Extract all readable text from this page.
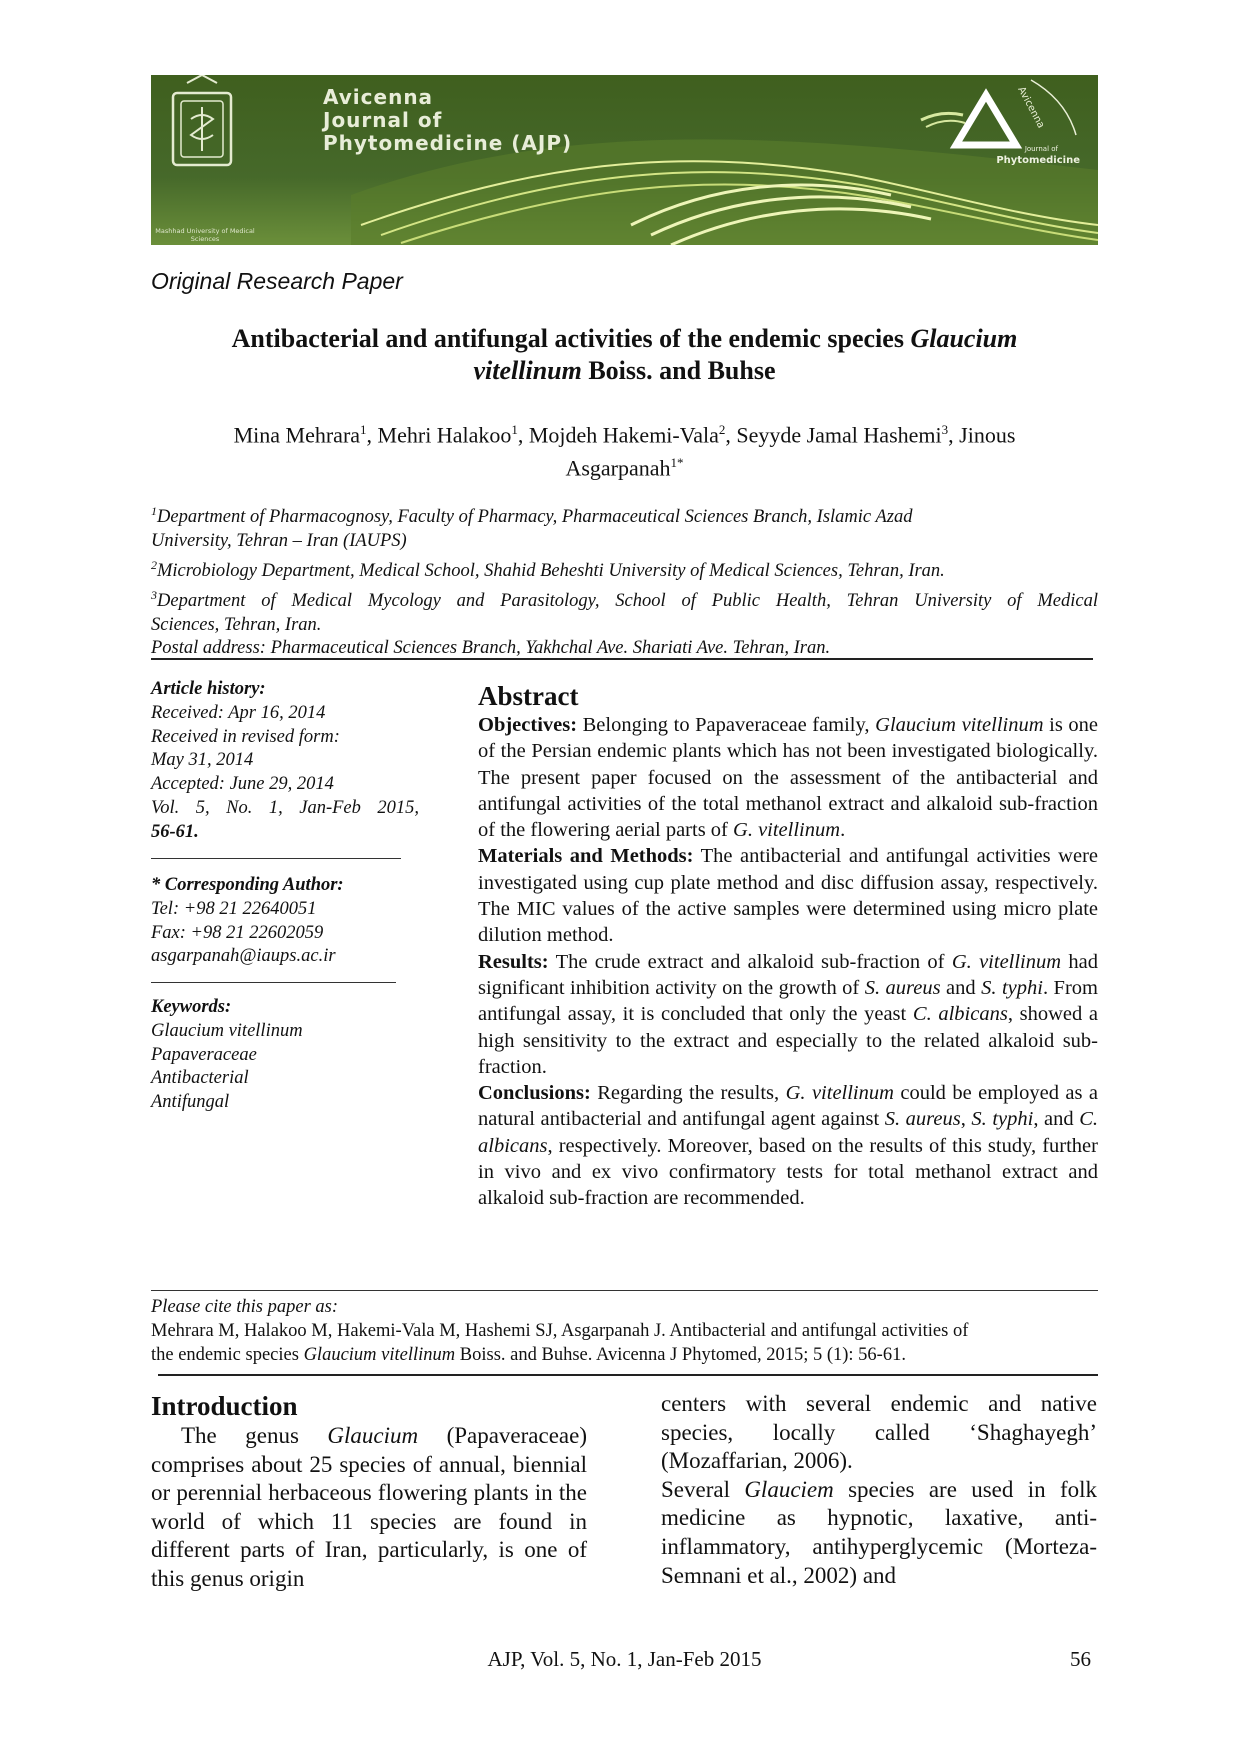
Avicenna
Journal of
Phytomedicine (AJP)
Mashhad University of Medical Sciences
Avicenna
Journal of
Phytomedicine
Original Research Paper
Antibacterial and antifungal activities of the endemic species Glaucium
vitellinum Boiss. and Buhse
Mina Mehrara$^1$, Mehri Halakoo$^1$, Mojdeh Hakemi-Vala$^2$, Seyyde Jamal Hashemi$^3$, Jinous
Asgarpanah$^{1*}$
$^1$Department of Pharmacognosy, Faculty of Pharmacy, Pharmaceutical Sciences Branch, Islamic Azad
University, Tehran – Iran (IAUPS)
$^2$Microbiology Department, Medical School, Shahid Beheshti University of Medical Sciences, Tehran, Iran.
$^3$Department of Medical Mycology and Parasitology, School of Public Health, Tehran University of Medical
Sciences, Tehran, Iran.
Postal address: Pharmaceutical Sciences Branch, Yakhchal Ave. Shariati Ave. Tehran, Iran.
Article history:
Received: Apr 16, 2014
Received in revised form:
May 31, 2014
Accepted: June 29, 2014
Vol. 5, No. 1, Jan-Feb 2015,
56-61.
* Corresponding Author:
Tel: +98 21 22640051
Fax: +98 21 22602059
asgarpanah@iaups.ac.ir
Keywords:
Glaucium vitellinum
Papaveraceae
Antibacterial
Antifungal
Abstract

Objectives: Belonging to Papaveraceae family, Glaucium vitellinum is one of the Persian endemic plants which has not been investigated biologically. The present paper focused on the assessment of the antibacterial and antifungal activities of the total methanol extract and alkaloid sub-fraction of the flowering aerial parts of G. vitellinum.

Materials and Methods: The antibacterial and antifungal activities were investigated using cup plate method and disc diffusion assay, respectively. The MIC values of the active samples were determined using micro plate dilution method.

Results: The crude extract and alkaloid sub-fraction of G. vitellinum had significant inhibition activity on the growth of S. aureus and S. typhi. From antifungal assay, it is concluded that only the yeast C. albicans, showed a high sensitivity to the extract and especially to the related alkaloid sub-fraction.

Conclusions: Regarding the results, G. vitellinum could be employed as a natural antibacterial and antifungal agent against S. aureus, S. typhi, and C. albicans, respectively. Moreover, based on the results of this study, further in vivo and ex vivo confirmatory tests for total methanol extract and alkaloid sub-fraction are recommended.

Please cite this paper as:
Mehrara M, Halakoo M, Hakemi-Vala M, Hashemi SJ, Asgarpanah J. Antibacterial and antifungal activities of
the endemic species Glaucium vitellinum Boiss. and Buhse. Avicenna J Phytomed, 2015; 5 (1): 56-61.
Introduction
The genus Glaucium (Papaveraceae) comprises about 25 species of annual, biennial or perennial herbaceous flowering plants in the world of which 11 species are found in different parts of Iran, particularly, is one of this genus origin

centers with several endemic and native species, locally called ‘Shaghayegh’ (Mozaffarian, 2006).

Several Glauciem species are used in folk medicine as hypnotic, laxative, anti-inflammatory, antihyperglycemic (Morteza-Semnani et al., 2002) and

AJP, Vol. 5, No. 1, Jan-Feb 2015	56
